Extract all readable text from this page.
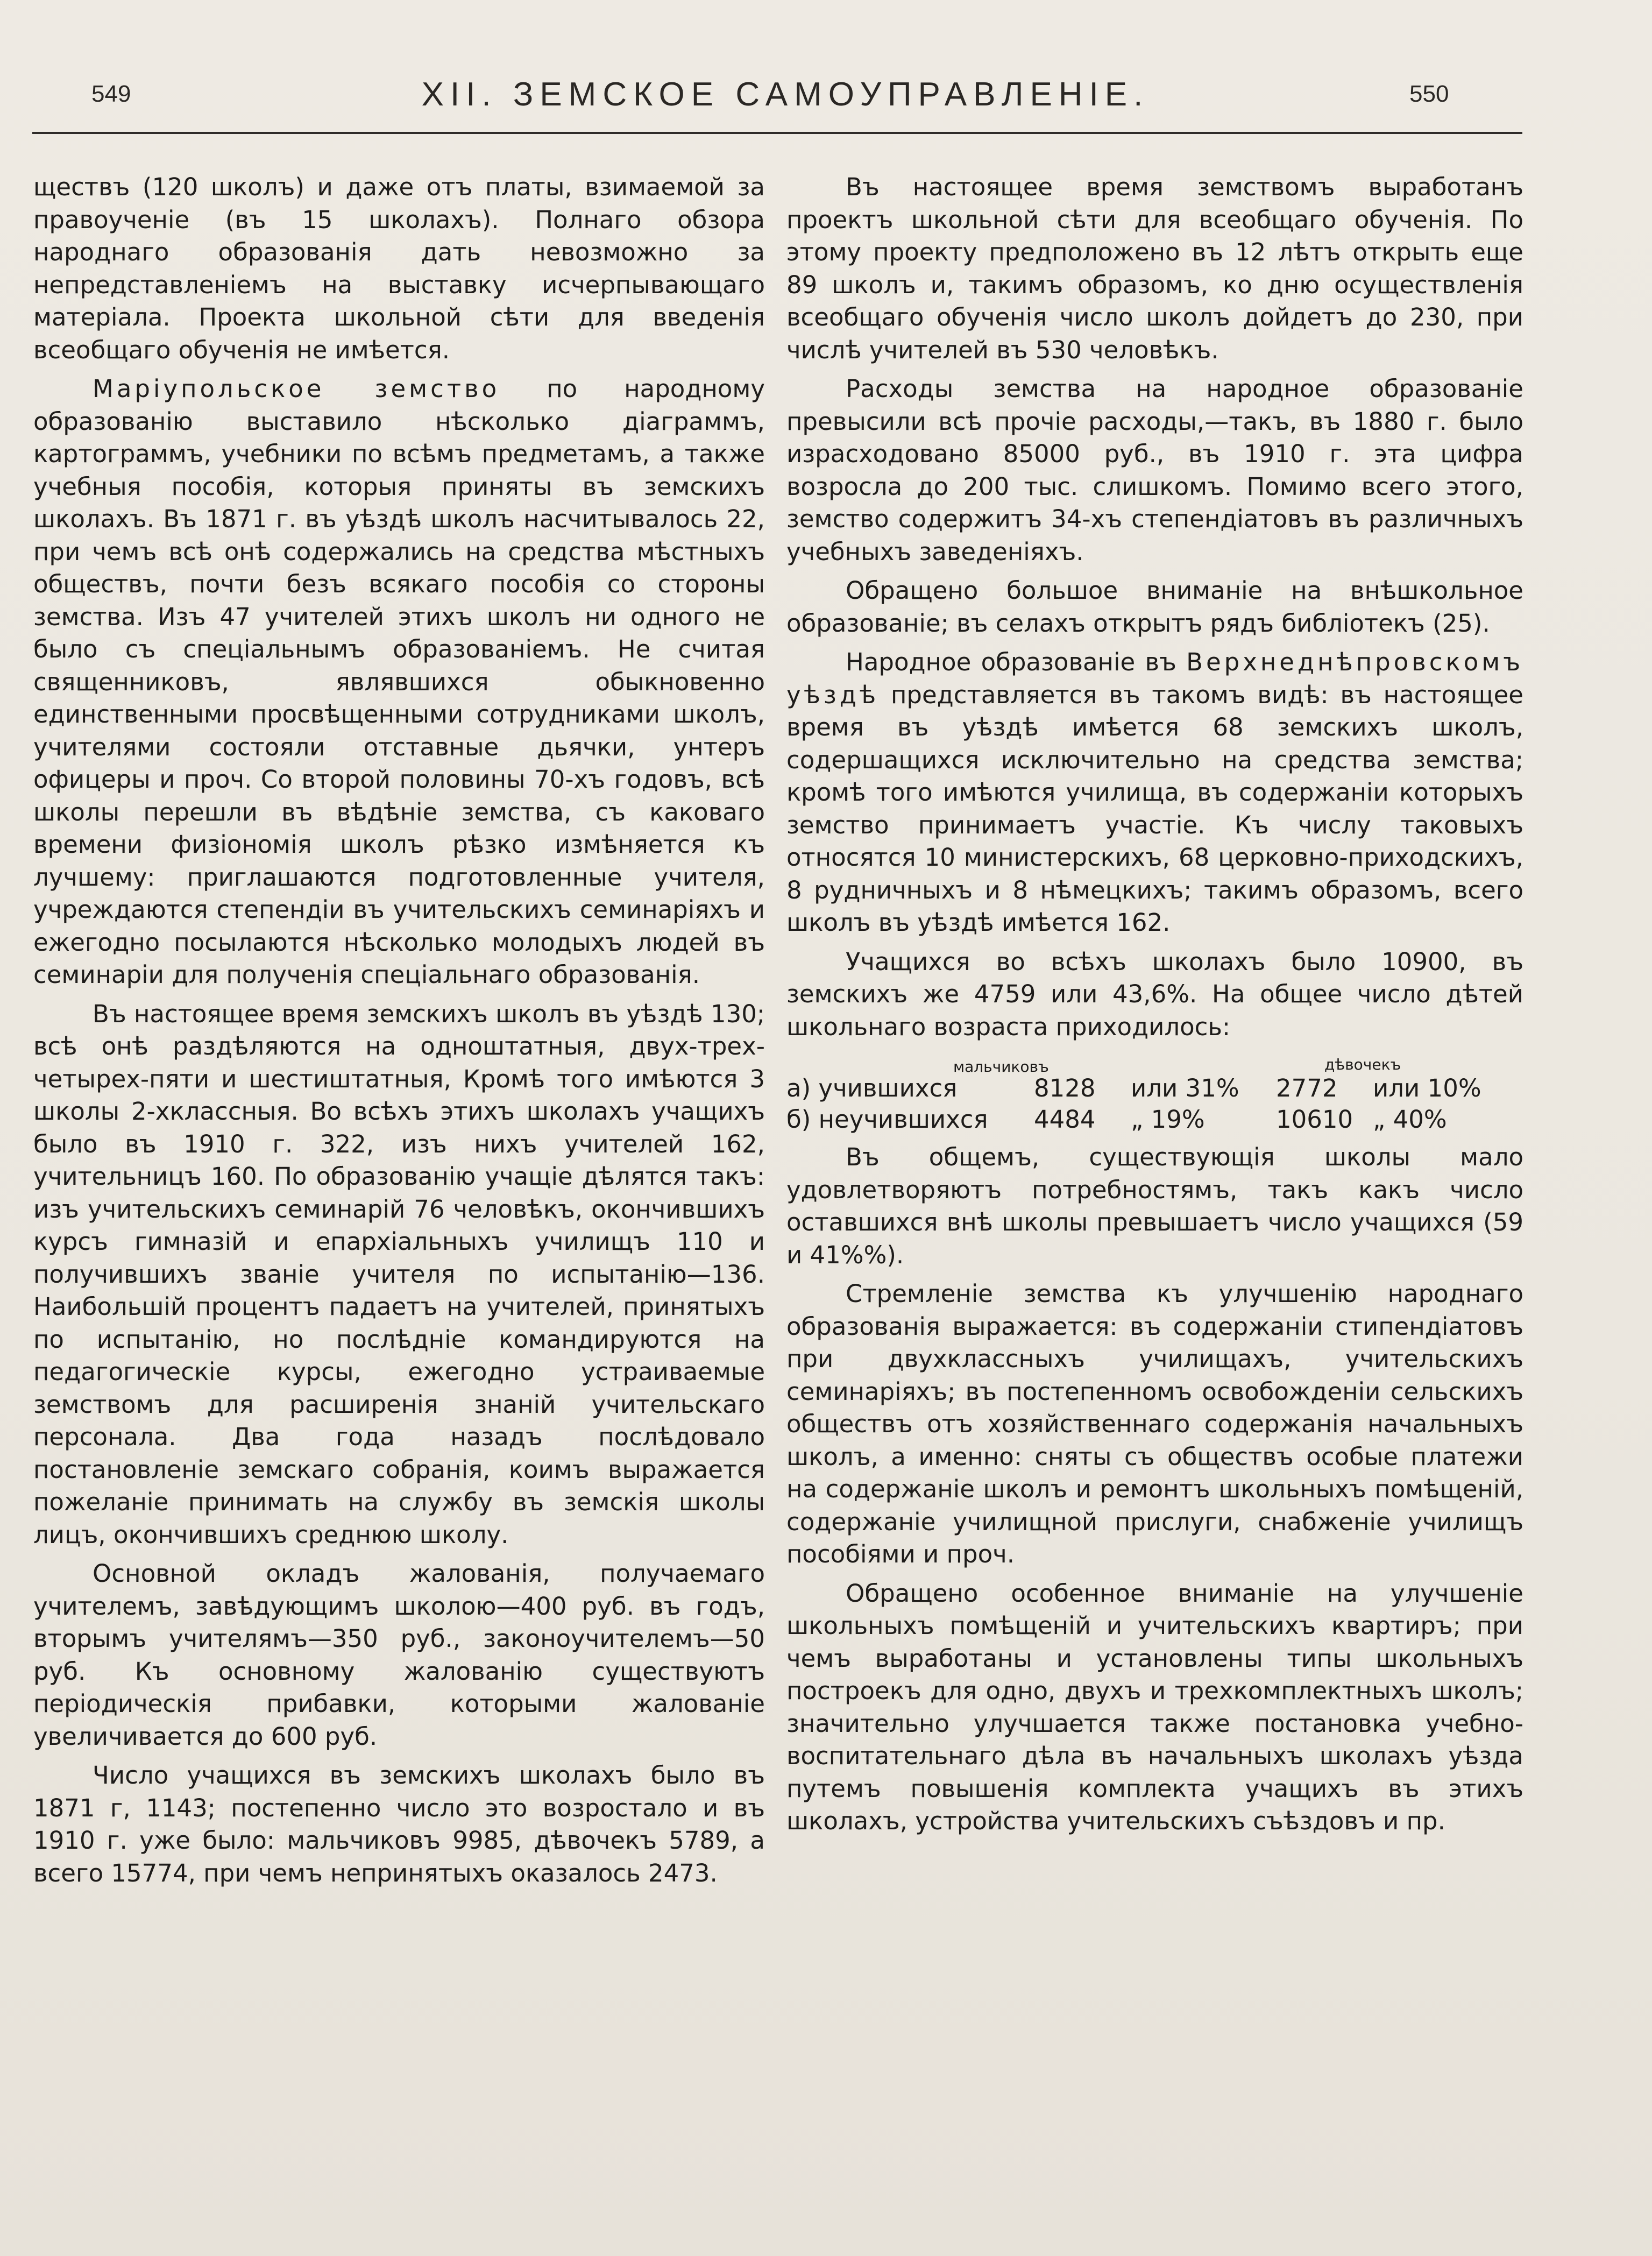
549	XII. ЗЕМСКОЕ САМОУПРАВЛЕНІЕ.	550

ществъ (120 школъ) и даже отъ платы, взимаемой за правоученіе (въ 15 школахъ). Полнаго обзора народнаго образованія дать невозможно за непредставленіемъ на выставку исчерпывающаго матеріала. Проекта школьной сѣти для введенія всеобщаго обученія не имѣется.

Маріупольское земство по народному образованію выставило нѣсколько діаграммъ, картограммъ, учебники по всѣмъ предметамъ, а также учебныя пособія, которыя приняты въ земскихъ школахъ. Въ 1871 г. въ уѣздѣ школъ насчитывалось 22, при чемъ всѣ онѣ содержались на средства мѣстныхъ обществъ, почти безъ всякаго пособія со стороны земства. Изъ 47 учителей этихъ школъ ни одного не было съ спеціальнымъ образованіемъ. Не считая священниковъ, являвшихся обыкновенно единственными просвѣщенными сотрудниками школъ, учителями состояли отставные дьячки, унтеръ офицеры и проч. Со второй половины 70-хъ годовъ, всѣ школы перешли въ вѣдѣніе земства, съ каковаго времени физіономія школъ рѣзко измѣняется къ лучшему: приглашаются подготовленные учителя, учреждаются степендіи въ учительскихъ семинаріяхъ и ежегодно посылаются нѣсколько молодыхъ людей въ семинаріи для полученія спеціальнаго образованія.

Въ настоящее время земскихъ школъ въ уѣздѣ 130; всѣ онѣ раздѣляются на одноштатныя, двух-трех-четырех-пяти и шестиштатныя, Кромѣ того имѣются 3 школы 2-хклассныя. Во всѣхъ этихъ школахъ учащихъ было въ 1910 г. 322, изъ нихъ учителей 162, учительницъ 160. По образованію учащіе дѣлятся такъ: изъ учительскихъ семинарій 76 человѣкъ, окончившихъ курсъ гимназій и епархіальныхъ училищъ 110 и получившихъ званіе учителя по испытанію—136. Наибольшій процентъ падаетъ на учителей, принятыхъ по испытанію, но послѣдніе командируются на педагогическіе курсы, ежегодно устраиваемые земствомъ для расширенія знаній учительскаго персонала. Два года назадъ послѣдовало постановленіе земскаго собранія, коимъ выражается пожеланіе принимать на службу въ земскія школы лицъ, окончившихъ среднюю школу.

Основной окладъ жалованія, получаемаго учителемъ, завѣдующимъ школою—400 руб. въ годъ, вторымъ учителямъ—350 руб., законоучителемъ—50 руб. Къ основному жалованію существуютъ періодическія прибавки, которыми жалованіе увеличивается до 600 руб.

Число учащихся въ земскихъ школахъ было въ 1871 г, 1143; постепенно число это возростало и въ 1910 г. уже было: мальчиковъ 9985, дѣвочекъ 5789, а всего 15774, при чемъ непринятыхъ оказалось 2473.

Въ настоящее время земствомъ выработанъ проектъ школьной сѣти для всеобщаго обученія. По этому проекту предположено въ 12 лѣтъ открыть еще 89 школъ и, такимъ образомъ, ко дню осуществленія всеобщаго обученія число школъ дойдетъ до 230, при числѣ учителей въ 530 человѣкъ.

Расходы земства на народное образованіе превысили всѣ прочіе расходы,—такъ, въ 1880 г. было израсходовано 85000 руб., въ 1910 г. эта цифра возросла до 200 тыс. слишкомъ. Помимо всего этого, земство содержитъ 34-хъ степендіатовъ въ различныхъ учебныхъ заведеніяхъ.

Обращено большое вниманіе на внѣшкольное образованіе; въ селахъ открытъ рядъ библіотекъ (25).

Народное образованіе въ Верхнеднѣпровскомъ уѣздѣ представляется въ такомъ видѣ: въ настоящее время въ уѣздѣ имѣется 68 земскихъ школъ, содершащихся исключительно на средства земства; кромѣ того имѣются училища, въ содержаніи которыхъ земство принимаетъ участіе. Къ числу таковыхъ относятся 10 министерскихъ, 68 церковно-приходскихъ, 8 рудничныхъ и 8 нѣмецкихъ; такимъ образомъ, всего школъ въ уѣздѣ имѣется 162.

Учащихся во всѣхъ школахъ было 10900, въ земскихъ же 4759 или 43,6%. На общее число дѣтей школьнаго возраста приходилось:

мальчиковъ	дѣвочекъ
а) учившихся	8128 или 31% 2772 или 10%
б) неучившихся 4484 „ 19%	10610 „ 40%

Въ общемъ, существующія школы мало удовлетворяютъ потребностямъ, такъ какъ число оставшихся внѣ школы превышаетъ число учащихся (59 и 41%%).

Стремленіе земства къ улучшенію народнаго образованія выражается: въ содержаніи стипендіатовъ при двухклассныхъ училищахъ, учительскихъ семинаріяхъ; въ постепенномъ освобожденіи сельскихъ обществъ отъ хозяйственнаго содержанія начальныхъ школъ, а именно: сняты съ обществъ особые платежи на содержаніе школъ и ремонтъ школьныхъ помѣщеній, содержаніе училищной прислуги, снабженіе училищъ пособіями и проч.

Обращено особенное вниманіе на улучшеніе школьныхъ помѣщеній и учительскихъ квартиръ; при чемъ выработаны и установлены типы школьныхъ построекъ для одно, двухъ и трехкомплектныхъ школъ; значительно улучшается также постановка учебно-воспитательнаго дѣла въ начальныхъ школахъ уѣзда путемъ повышенія комплекта учащихъ въ этихъ школахъ, устройства учительскихъ съѣздовъ и пр.
